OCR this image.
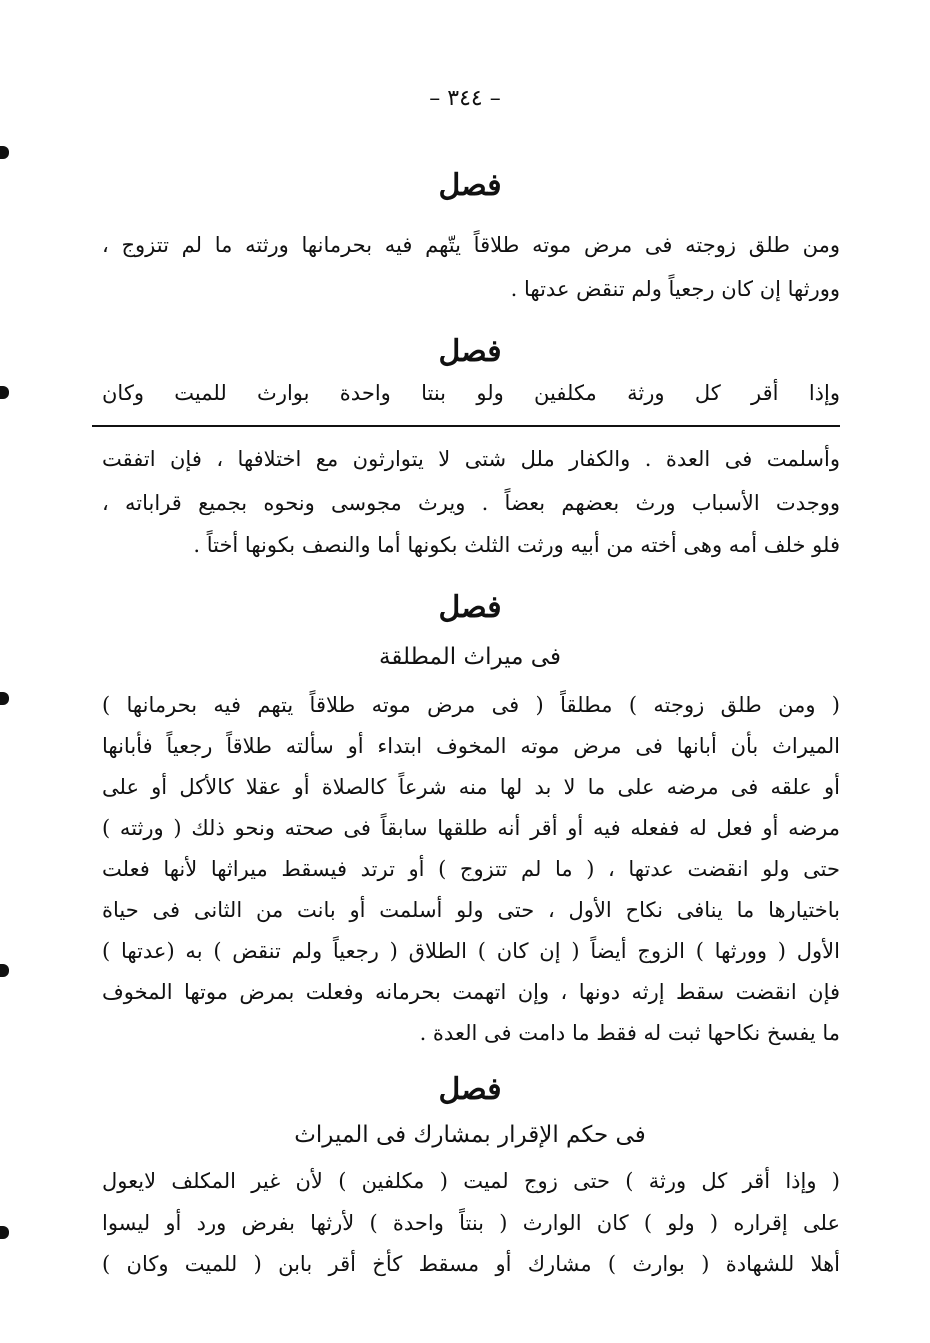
– ٣٤٤ –
فصل
ومن طلق زوجته فى مرض موته طلاقاً يتّهم فيه بحرمانها ورثته ما لم تتزوج ،
وورثها إن كان رجعياً ولم تنقض عدتها .
فصل
وإذا أقر كل ورثة مكلفين ولو بنتا واحدة بوارث للميت وكان
وأسلمت فى العدة . والكفار ملل شتى لا يتوارثون مع اختلافها ، فإن اتفقت
ووجدت الأسباب ورث بعضهم بعضاً . ويرث مجوسى ونحوه بجميع قراباته ،
فلو خلف أمه وهى أخته من أبيه ورثت الثلث بكونها أما والنصف بكونها أختاً .
فصل
فى ميراث المطلقة
( ومن طلق زوجته ) مطلقاً ( فى مرض موته طلاقاً يتهم فيه بحرمانها )
الميراث بأن أبانها فى مرض موته المخوف ابتداء أو سألته طلاقاً رجعياً فأبانها
أو علقه فى مرضه على ما لا بد لها منه شرعاً كالصلاة أو عقلا كالأكل أو على
مرضه أو فعل له ففعله فيه أو أقر أنه طلقها سابقاً فى صحته ونحو ذلك ( ورثته )
حتى ولو انقضت عدتها ، ( ما لم تتزوج ) أو ترتد فيسقط ميراثها لأنها فعلت
باختيارها ما ينافى نكاح الأول ، حتى ولو أسلمت أو بانت من الثانى فى حياة
الأول ( وورثها ) الزوج أيضاً ( إن كان ) الطلاق ( رجعياً ولم تنقض ) به (عدتها )
فإن انقضت سقط إرثه دونها ، وإن اتهمت بحرمانه وفعلت بمرض موتها المخوف
ما يفسخ نكاحها ثبت له فقط ما دامت فى العدة .
فصل
فى حكم الإقرار بمشارك فى الميراث
( وإذا أقر كل ورثة ) حتى زوج لميت ( مكلفين ) لأن غير المكلف لايعول
على إقراره ( ولو ) كان الوارث ( بنتاً واحدة ) لأرثها بفرض ورد أو ليسوا
أهلا للشهادة ( بوارث ) مشارك أو مسقط كأخ أقر بابن ( للميت وكان )
